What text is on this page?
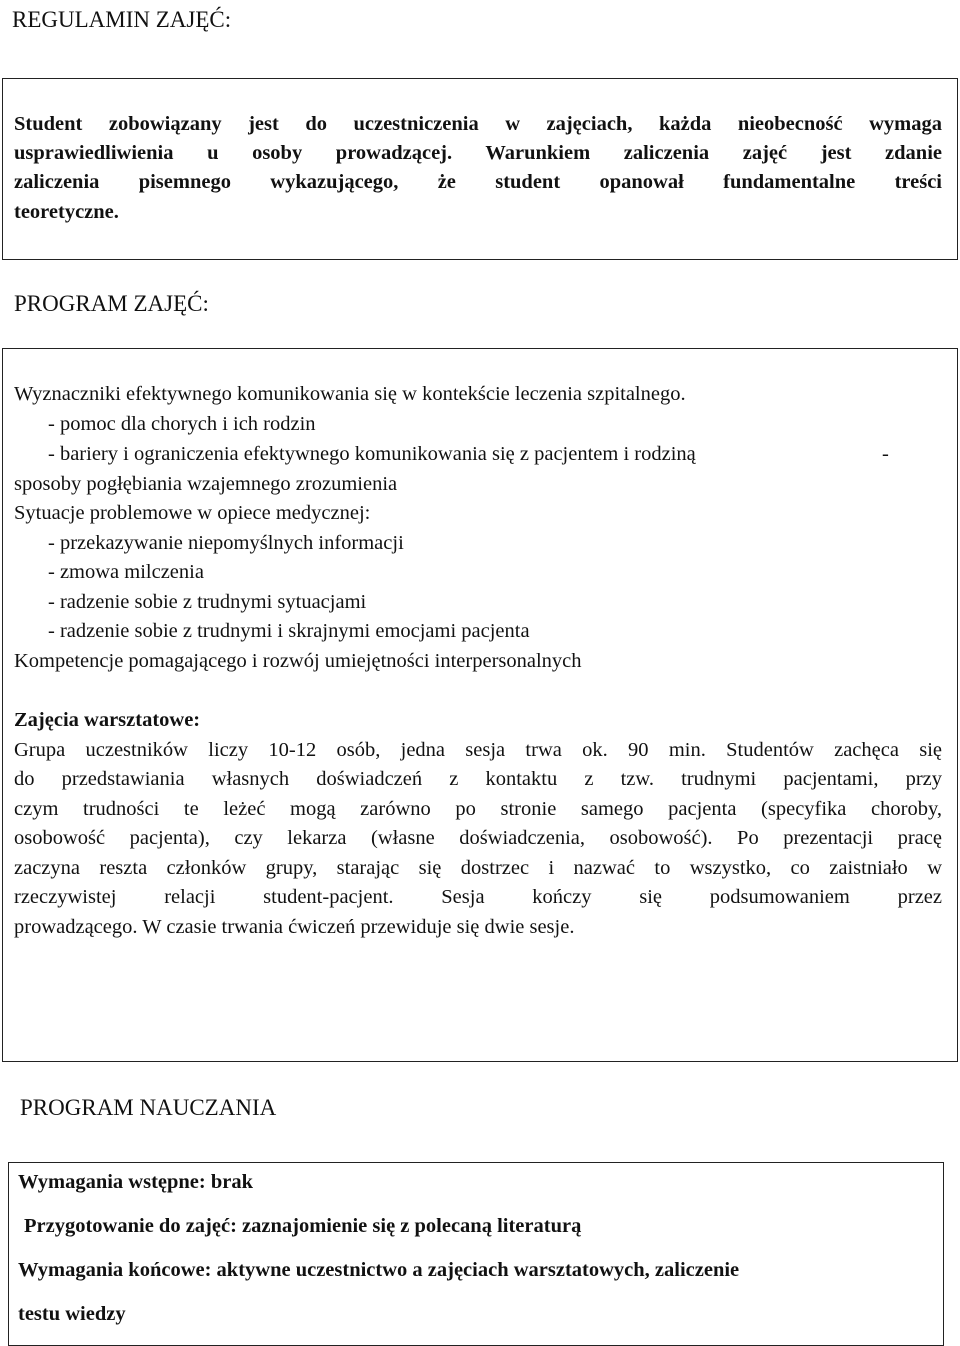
REGULAMIN ZAJĘĆ:
Student zobowiązany jest do uczestniczenia w zajęciach, każda nieobecność wymaga
usprawiedliwienia u osoby prowadzącej. Warunkiem zaliczenia zajęć jest zdanie
zaliczenia pisemnego wykazującego, że student opanował fundamentalne treści
teoretyczne.
PROGRAM ZAJĘĆ:
Wyznaczniki efektywnego komunikowania się w kontekście leczenia szpitalnego.
- pomoc dla chorych i ich rodzin
- bariery i ograniczenia efektywnego komunikowania się z pacjentem i rodziną	-
sposoby pogłębiania wzajemnego zrozumienia
Sytuacje problemowe w opiece medycznej:
- przekazywanie niepomyślnych informacji
- zmowa milczenia
- radzenie sobie z trudnymi sytuacjami
- radzenie sobie z trudnymi i skrajnymi emocjami pacjenta
Kompetencje pomagającego i rozwój umiejętności interpersonalnych
Zajęcia warsztatowe:
Grupa uczestników liczy 10-12 osób, jedna sesja trwa ok. 90 min. Studentów zachęca się
do przedstawiania własnych doświadczeń z kontaktu z tzw. trudnymi pacjentami, przy
czym trudności te leżeć mogą zarówno po stronie samego pacjenta (specyfika choroby,
osobowość pacjenta), czy lekarza (własne doświadczenia, osobowość). Po prezentacji pracę
zaczyna reszta członków grupy, starając się dostrzec i nazwać to wszystko, co zaistniało w
rzeczywistej relacji student-pacjent. Sesja kończy się podsumowaniem przez
prowadzącego. W czasie trwania ćwiczeń przewiduje się dwie sesje.
PROGRAM NAUCZANIA
Wymagania wstępne: brak
Przygotowanie do zajęć: zaznajomienie się z polecaną literaturą
Wymagania końcowe: aktywne uczestnictwo a zajęciach warsztatowych, zaliczenie
testu wiedzy
